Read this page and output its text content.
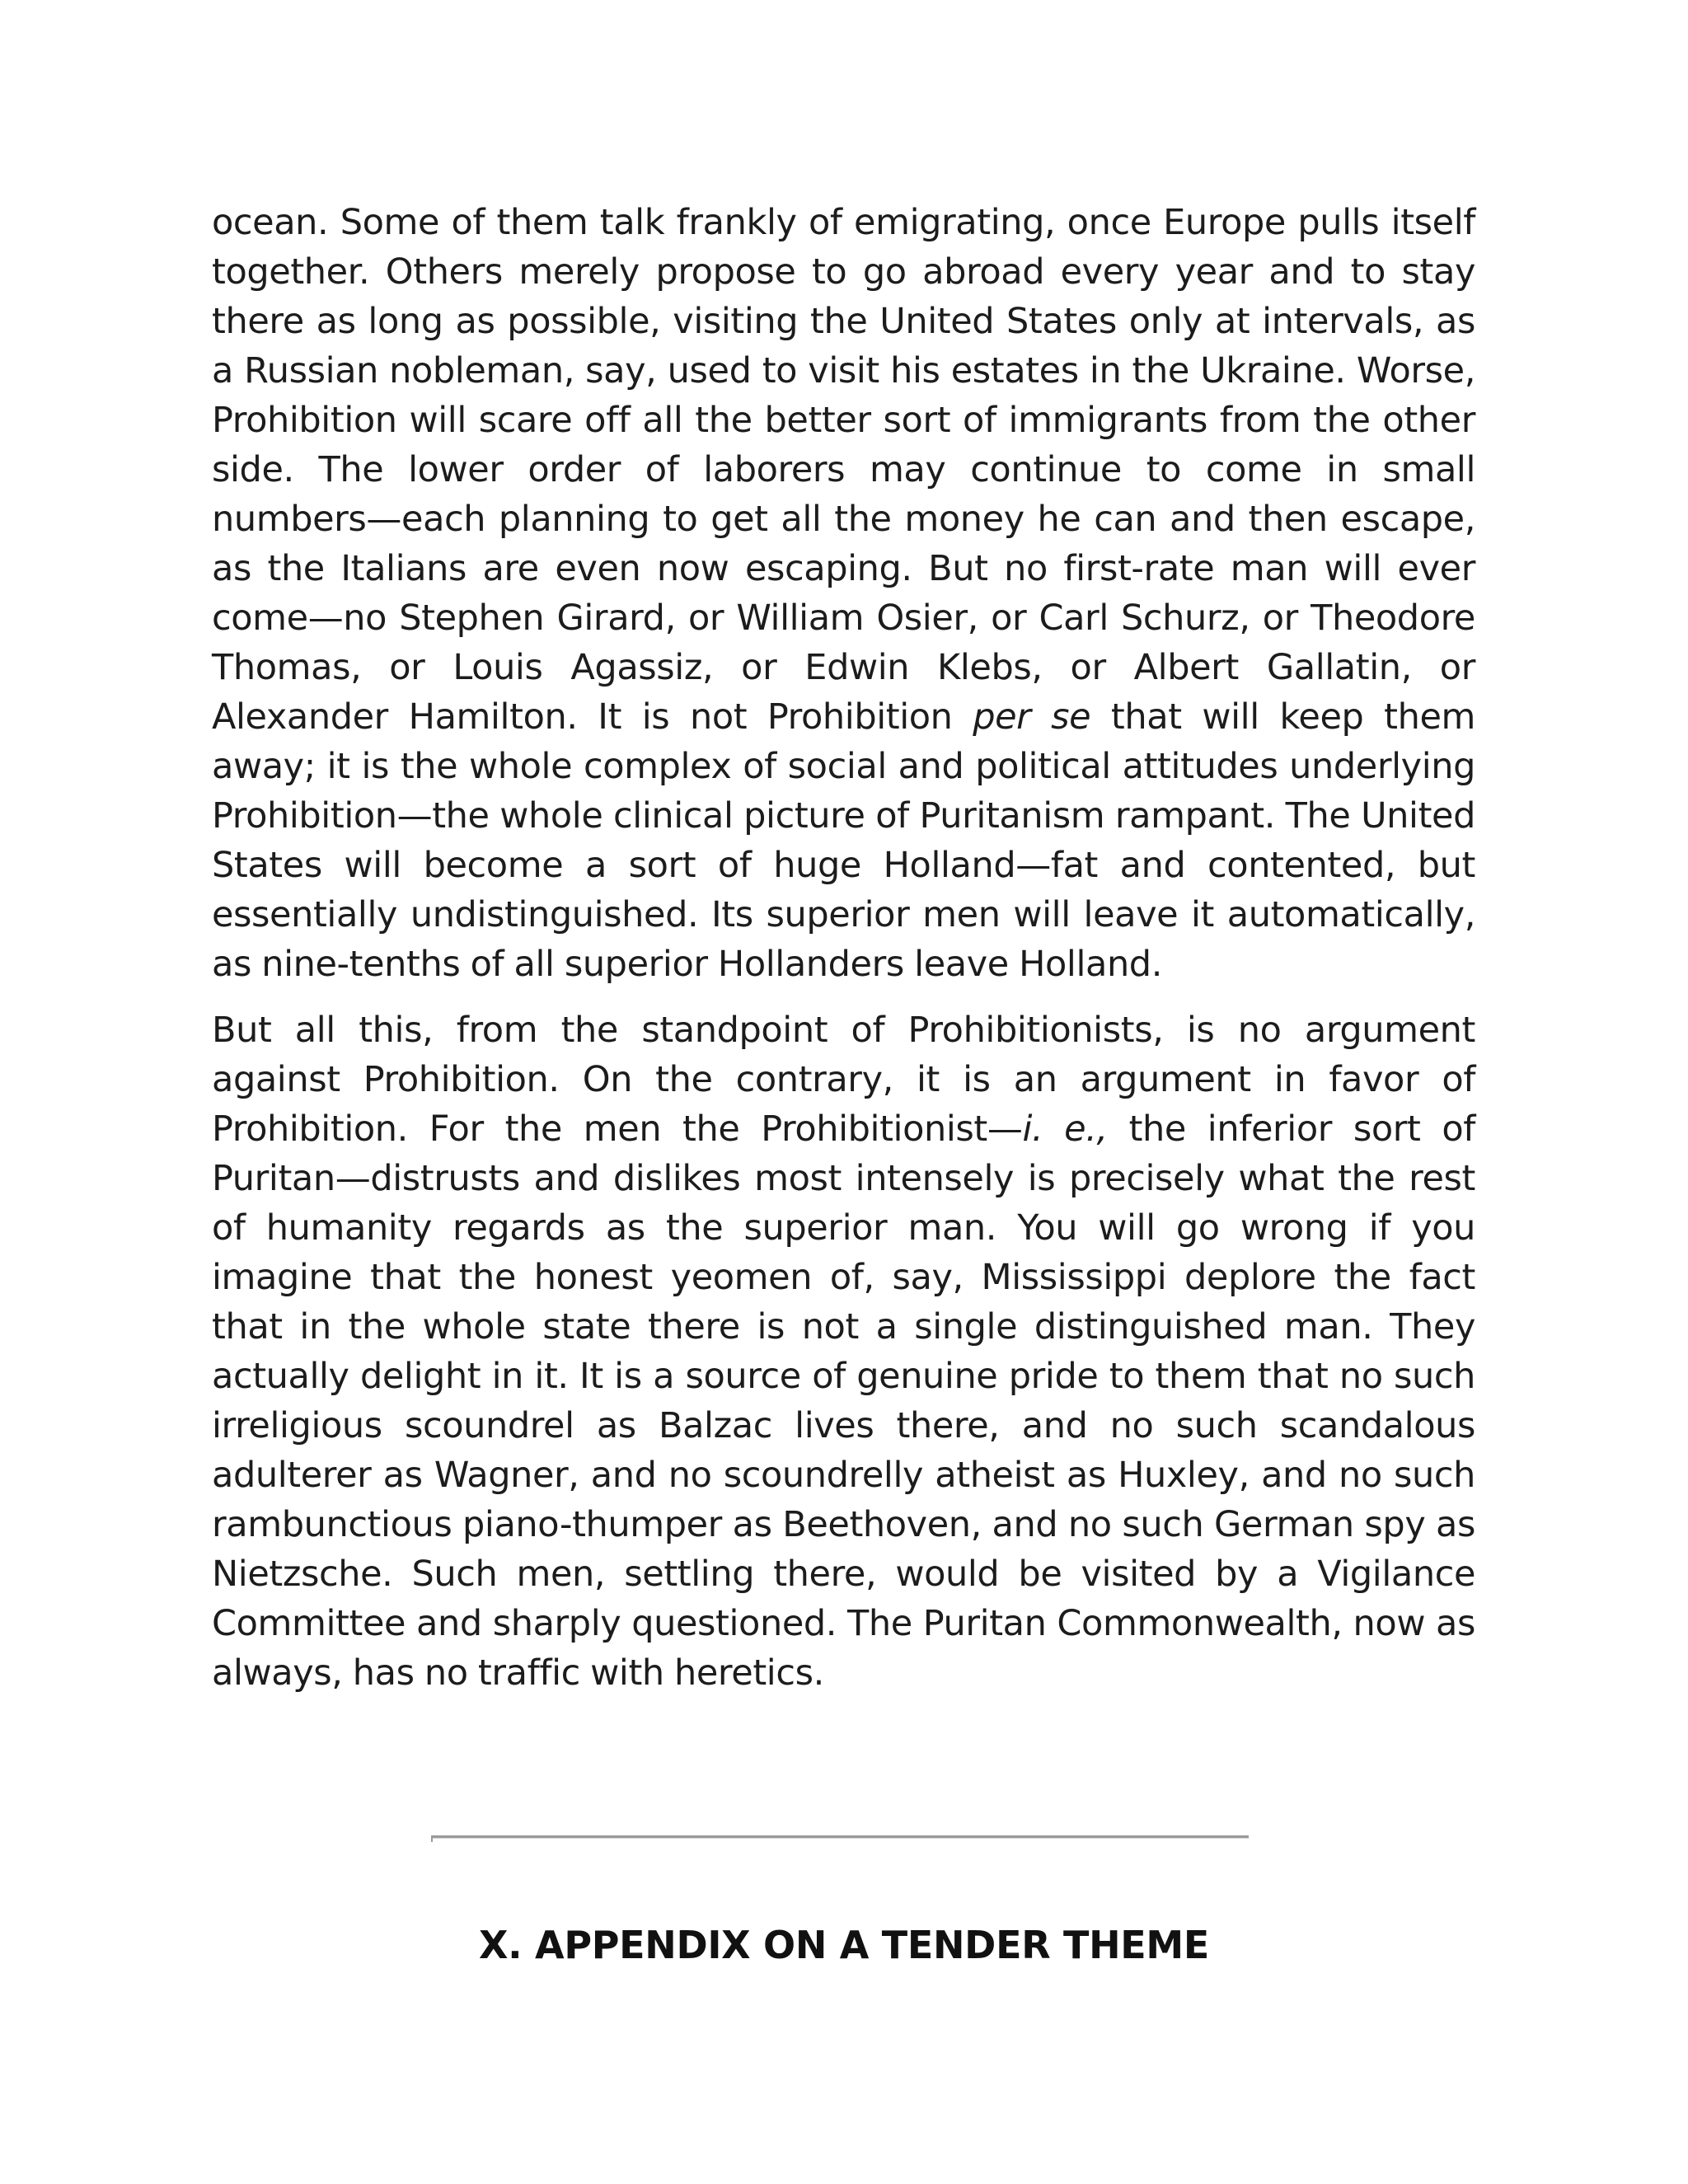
ocean. Some of them talk frankly of emigrating, once Europe pulls itself together. Others merely propose to go abroad every year and to stay there as long as possible, visiting the United States only at intervals, as a Russian nobleman, say, used to visit his estates in the Ukraine. Worse, Prohibition will scare off all the better sort of immigrants from the other side. The lower order of laborers may continue to come in small numbers—each planning to get all the money he can and then escape, as the Italians are even now escaping. But no first-rate man will ever come—no Stephen Girard, or William Osier, or Carl Schurz, or Theodore Thomas, or Louis Agassiz, or Edwin Klebs, or Albert Gallatin, or Alexander Hamilton. It is not Prohibition per se that will keep them away; it is the whole complex of social and political attitudes underlying Prohibition—the whole clinical picture of Puritanism rampant. The United States will become a sort of huge Holland—fat and contented, but essentially undistinguished. Its superior men will leave it automatically, as nine-tenths of all superior Hollanders leave Holland.

But all this, from the standpoint of Prohibitionists, is no argument against Prohibition. On the contrary, it is an argument in favor of Prohibition. For the men the Prohibitionist—i. e., the inferior sort of Puritan—distrusts and dislikes most intensely is precisely what the rest of humanity regards as the superior man. You will go wrong if you imagine that the honest yeomen of, say, Mississippi deplore the fact that in the whole state there is not a single distinguished man. They actually delight in it. It is a source of genuine pride to them that no such irreligious scoundrel as Balzac lives there, and no such scandalous adulterer as Wagner, and no scoundrelly atheist as Huxley, and no such rambunctious piano-thumper as Beethoven, and no such German spy as Nietzsche. Such men, settling there, would be visited by a Vigilance Committee and sharply questioned. The Puritan Commonwealth, now as always, has no traffic with heretics.

X. APPENDIX ON A TENDER THEME
